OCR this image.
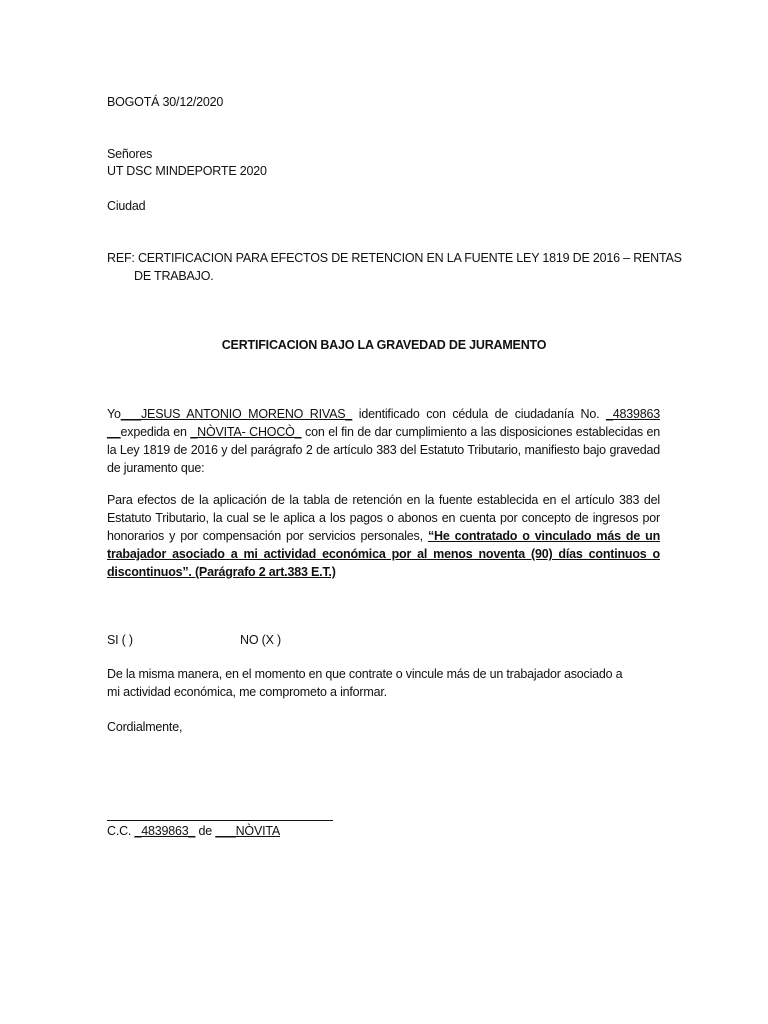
BOGOTÁ 30/12/2020
Señores
UT DSC MINDEPORTE 2020
Ciudad
REF: CERTIFICACION PARA EFECTOS DE RETENCION EN LA FUENTE LEY 1819 DE 2016 – RENTAS DE TRABAJO.
CERTIFICACION BAJO LA GRAVEDAD DE JURAMENTO
Yo___JESUS ANTONIO MORENO RIVAS_ identificado con cédula de ciudadanía No. _4839863 __expedida en _NÒVITA- CHOCÒ_ con el fin de dar cumplimiento a las disposiciones establecidas en la Ley 1819 de 2016 y del parágrafo 2 de artículo 383 del Estatuto Tributario, manifiesto bajo gravedad de juramento que:
Para efectos de la aplicación de la tabla de retención en la fuente establecida en el artículo 383 del Estatuto Tributario, la cual se le aplica a los pagos o abonos en cuenta por concepto de ingresos por honorarios y por compensación por servicios personales, “He contratado o vinculado más de un trabajador asociado a mi actividad económica por al menos noventa (90) días continuos o discontinuos”. (Parágrafo 2 art.383 E.T.)
SI ( )	NO (X )
De la misma manera, en el momento en que contrate o vincule más de un trabajador asociado a
mi actividad económica, me comprometo a informar.
Cordialmente,
C.C. _4839863_ de ___NÒVITA
